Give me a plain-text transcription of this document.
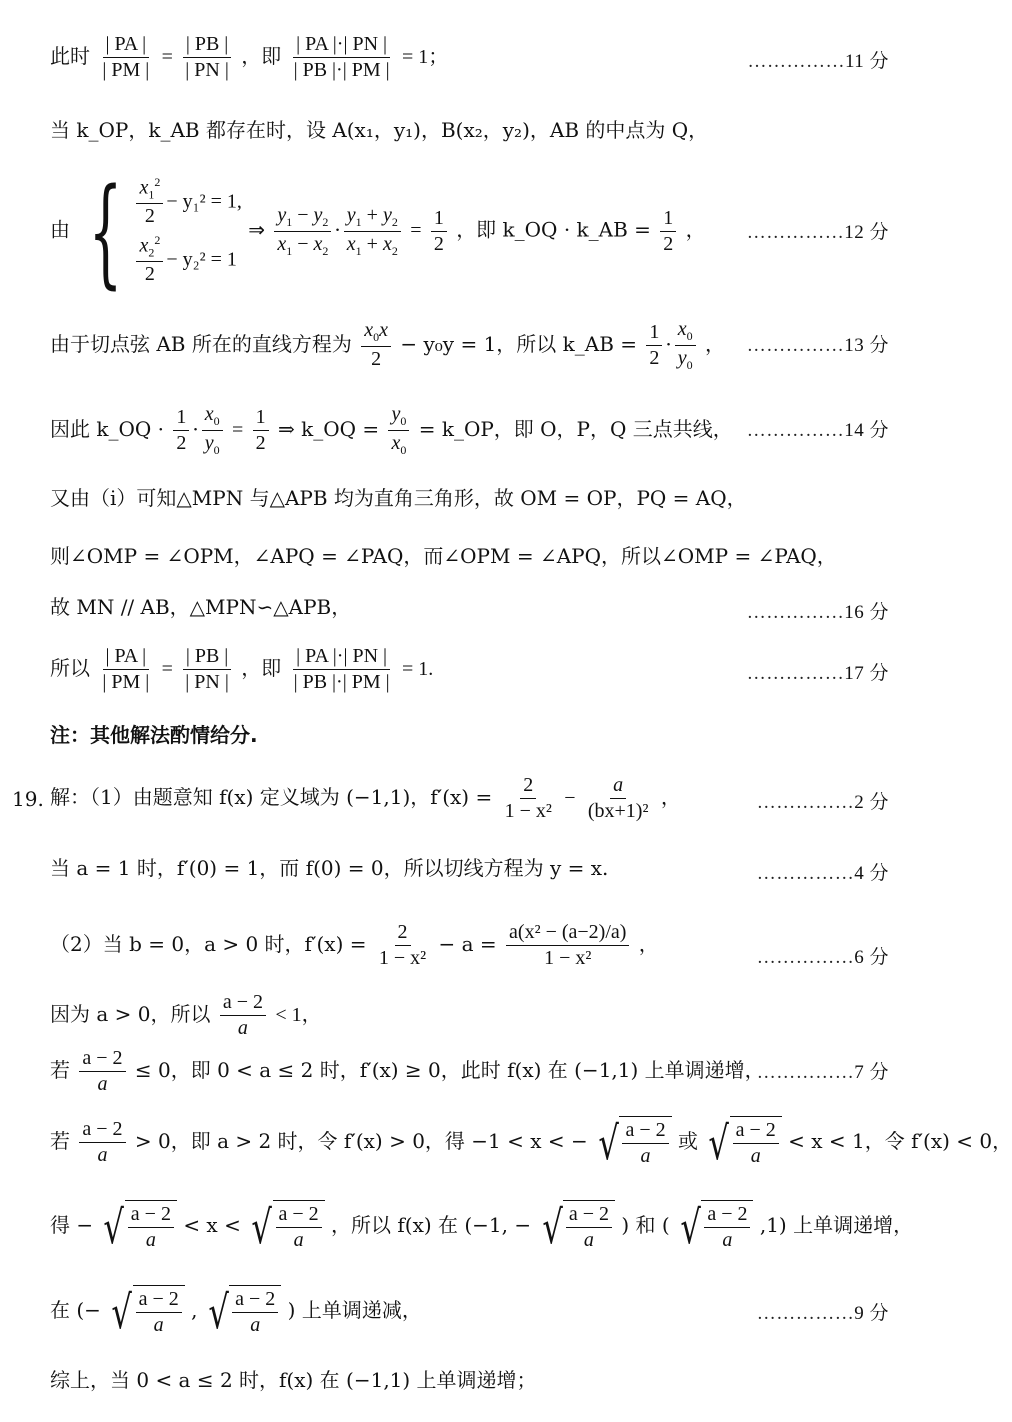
此时 $\frac{| PA |}{| PM |} = \frac{| PB |}{| PN |}$ ，即 $\frac{| PA |\cdot| PN |}{| PB |\cdot| PM |} = 1$；	……………11 分
当 k_OP，k_AB 都存在时，设 A(x₁，y₁)，B(x₂，y₂)，AB 的中点为 Q，
由 { $\frac{x_1^2}{2} - y_1^2 = 1$,
$\frac{x_2^2}{2} - y_2^2 = 1$
⇒ $\frac{y_1 - y_2}{x_1 - x_2} \cdot \frac{y_1 + y_2}{x_1 + x_2} = \frac{1}{2}$ ，即 k_OQ · k_AB = $\frac{1}{2}$ ， ……………12 分
由于切点弦 AB 所在的直线方程为 $\frac{x_0x}{2} - y_0y = 1$，所以 k_AB = $\frac{1}{2} \cdot \frac{x_0}{y_0}$ ， ……………13 分
因此 k_OQ · $\frac{1}{2} \cdot \frac{x_0}{y_0} = \frac{1}{2}$ ⇒ k_OQ = $\frac{y_0}{x_0}$ = k_OP，即 O，P，Q 三点共线， ……………14 分
又由（i）可知△MPN 与△APB 均为直角三角形，故 OM = OP，PQ = AQ，
则∠OMP = ∠OPM，∠APQ = ∠PAQ，而∠OPM = ∠APQ，所以∠OMP = ∠PAQ，
故 MN // AB，△MPN∽△APB，	……………16 分
所以 $\frac{| PA |}{| PM |} = \frac{| PB |}{| PN |}$ ，即 $\frac{| PA |\cdot| PN |}{| PB |\cdot| PM |} = 1$.	……………17 分
注：其他解法酌情给分.
19. 解：（1）由题意知 f(x) 定义域为 (−1,1)，$f'(x) = \frac{2}{\text{1 − x²}} - \frac{a}{\text{(bx+1)²}}$ ，	……………2 分
当 a = 1 时，f′(0) = 1，而 f(0) = 0，所以切线方程为 y = x.	……………4 分
（2）当 b = 0，a > 0 时，$f'(x) = \frac{2}{\text{1 − x²}} - a = \frac{\text{a(x² − (a−2)/a)}}{\text{1 − x²}}$ ，
……………6 分
因为 a > 0，所以 $\frac{a - 2}{a} < 1$，
若 $\frac{a - 2}{a} \le 0$，即 0 < a ≤ 2 时，f′(x) ≥ 0，此时 f(x) 在 (−1,1) 上单调递增，
……………7 分
若 $\frac{a - 2}{a} > 0$，即 a > 2 时，令 f′(x) > 0，得 −1 < x < − √ $\frac{a - 2}{a}$ 或 √ $\frac{a - 2}{a} < x < 1$，令 f′(x) < 0，
得 − √ $\frac{a - 2}{a} < x$ < √ $\frac{a - 2}{a}$ ，所以 f(x) 在 (−1, − √ $\frac{a - 2}{a}$ ) 和 ( √ $\frac{a - 2}{a} ,1$) 上单调递增，
在 (− √ $\frac{a - 2}{a}$ , √ $\frac{a - 2}{a}$ ) 上单调递减，	……………9 分
综上，当 0 < a ≤ 2 时，f(x) 在 (−1,1) 上单调递增；
